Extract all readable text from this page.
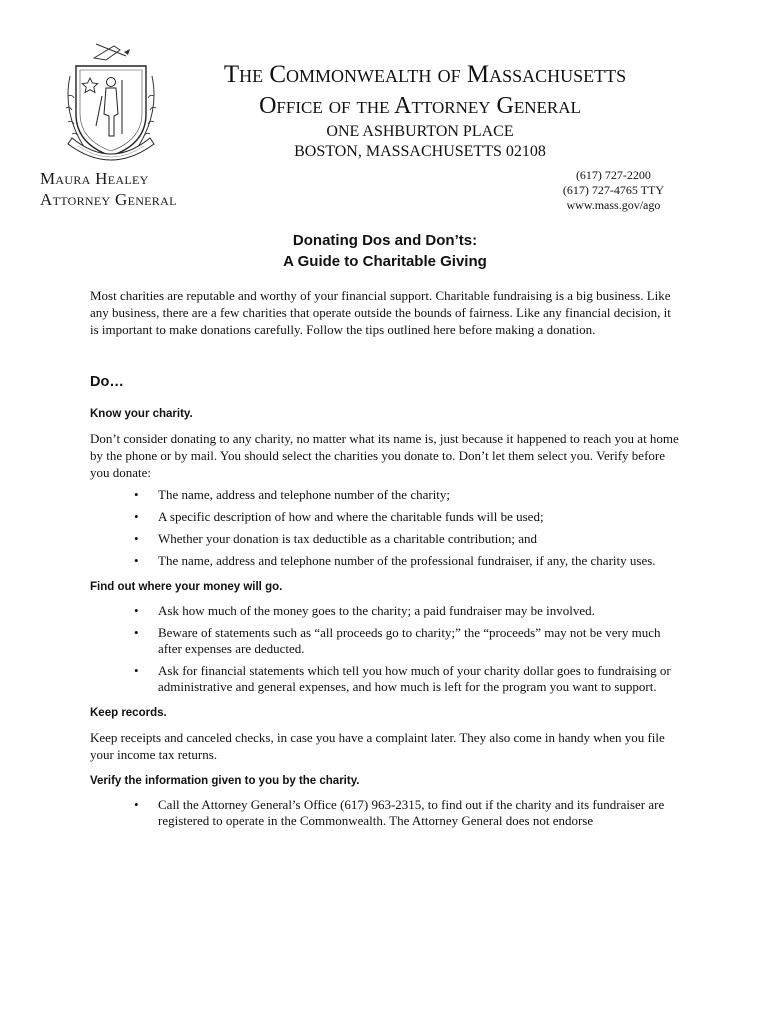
Maura Healey
Attorney General
The Commonwealth of Massachusetts
Office of the Attorney General
ONE ASHBURTON PLACE
BOSTON, MASSACHUSETTS 02108
(617) 727-2200
(617) 727-4765 TTY
www.mass.gov/ago
Donating Dos and Don’ts:
A Guide to Charitable Giving

Most charities are reputable and worthy of your financial support. Charitable fundraising is a big business. Like any business, there are a few charities that operate outside the bounds of fairness. Like any financial decision, it is important to make donations carefully. Follow the tips outlined here before making a donation.

Do…
Know your charity.

Don’t consider donating to any charity, no matter what its name is, just because it happened to reach you at home by the phone or by mail. You should select the charities you donate to. Don’t let them select you. Verify before you donate:

• The name, address and telephone number of the charity;
• A specific description of how and where the charitable funds will be used;
• Whether your donation is tax deductible as a charitable contribution; and
• The name, address and telephone number of the professional fundraiser, if any, the charity uses.
Find out where your money will go.
• Ask how much of the money goes to the charity; a paid fundraiser may be involved.
• Beware of statements such as “all proceeds go to charity;” the “proceeds” may not be very much after expenses are deducted.
• Ask for financial statements which tell you how much of your charity dollar goes to fundraising or administrative and general expenses, and how much is left for the program you want to support.
Keep records.

Keep receipts and canceled checks, in case you have a complaint later. They also come in handy when you file your income tax returns.

Verify the information given to you by the charity.
• Call the Attorney General’s Office (617) 963-2315, to find out if the charity and its fundraiser are registered to operate in the Commonwealth. The Attorney General does not endorse
